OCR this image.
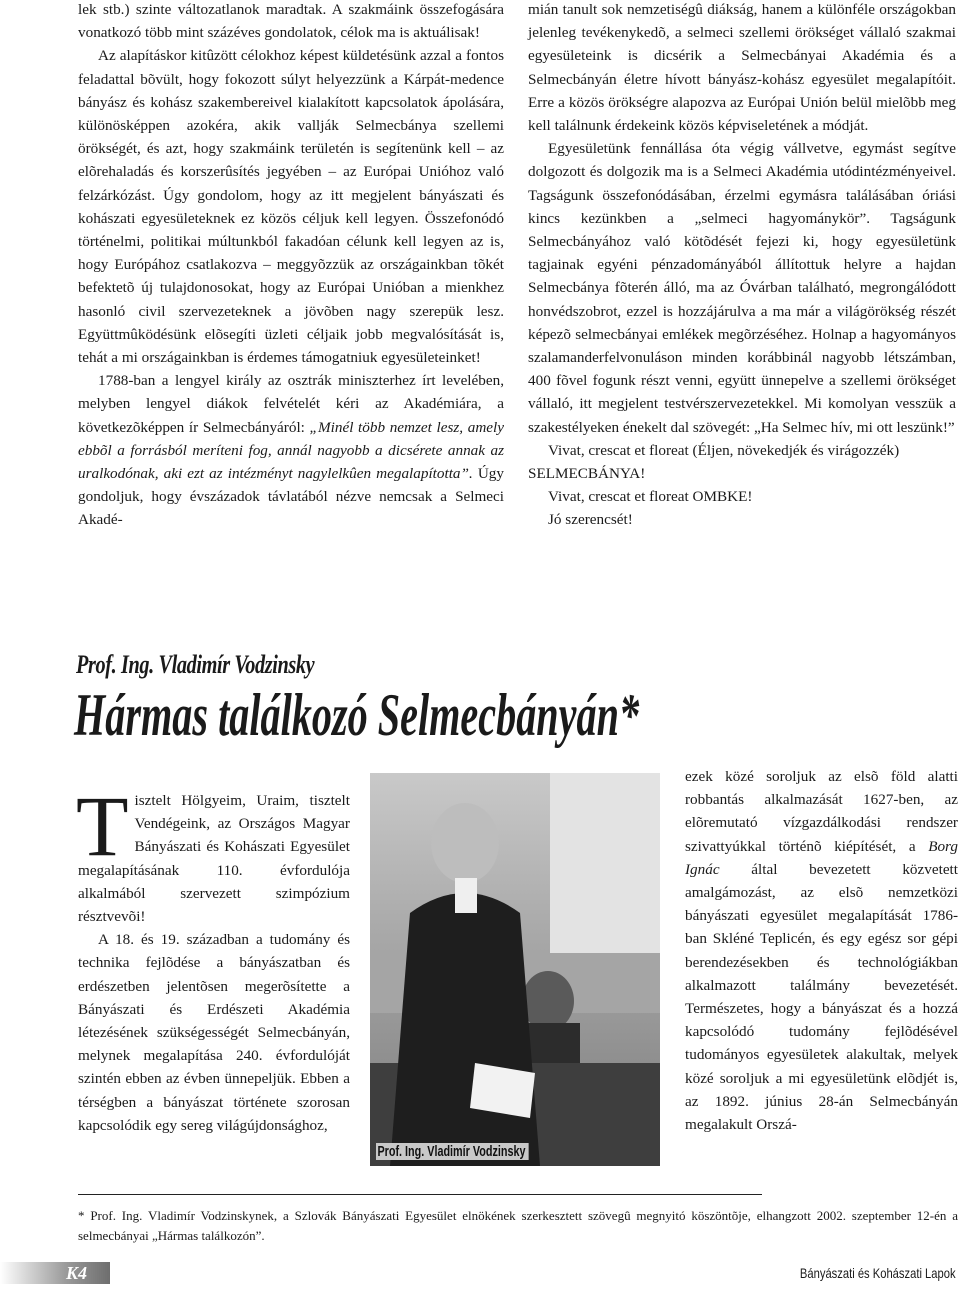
lek stb.) szinte változatlanok maradtak. A szakmáink összefogására vonatkozó több mint százéves gondolatok, célok ma is aktuálisak!

Az alapításkor kitûzött célokhoz képest küldetésünk azzal a fontos feladattal bõvült, hogy fokozott súlyt helyezzünk a Kárpát-medence bányász és kohász szakembereivel kialakított kapcsolatok ápolására, különösképpen azokéra, akik vallják Selmecbánya szellemi örökségét, és azt, hogy szakmáink területén is segítenünk kell – az elõrehaladás és korszerûsítés jegyében – az Európai Unióhoz való felzárkózást. Úgy gondolom, hogy az itt megjelent bányászati és kohászati egyesületeknek ez közös céljuk kell legyen. Összefonódó történelmi, politikai múltunkból fakadóan célunk kell legyen az is, hogy Európához csatlakozva – meggyõzzük az országainkban tõkét befektetõ új tulajdonosokat, hogy az Európai Unióban a mienkhez hasonló civil szervezeteknek a jövõben nagy szerepük lesz. Együttmûködésünk elõsegíti üzleti céljaik jobb megvalósítását is, tehát a mi országainkban is érdemes támogatniuk egyesületeinket!

1788-ban a lengyel király az osztrák miniszterhez írt levelében, melyben lengyel diákok felvételét kéri az Akadémiára, a következõképpen ír Selmecbányáról: „Minél több nemzet lesz, amely ebbõl a forrásból meríteni fog, annál nagyobb a dicsérete annak az uralkodónak, aki ezt az intézményt nagylelkûen megalapította”. Úgy gondoljuk, hogy évszázadok távlatából nézve nemcsak a Selmeci Akadé-

mián tanult sok nemzetiségû diákság, hanem a különféle országokban jelenleg tevékenykedõ, a selmeci szellemi örökséget vállaló szakmai egyesületeink is dicsérik a Selmecbányai Akadémia és a Selmecbányán életre hívott bányász-kohász egyesület megalapítóit. Erre a közös örökségre alapozva az Európai Unión belül mielõbb meg kell találnunk érdekeink közös képviseletének a módját.

Egyesületünk fennállása óta végig vállvetve, egymást segítve dolgozott és dolgozik ma is a Selmeci Akadémia utódintézményeivel. Tagságunk összefonódásában, érzelmi egymásra találásában óriási kincs kezünkben a „selmeci hagyománykör”. Tagságunk Selmecbányához való kötõdését fejezi ki, hogy egyesületünk tagjainak egyéni pénzadományából állítottuk helyre a hajdan Selmecbánya fõterén álló, ma az Óvárban található, megrongálódott honvédszobrot, ezzel is hozzájárulva a ma már a világörökség részét képezõ selmecbányai emlékek megõrzéséhez. Holnap a hagyományos szalamanderfelvonuláson minden korábbinál nagyobb létszámban, 400 fõvel fogunk részt venni, együtt ünnepelve a szellemi örökséget vállaló, itt megjelent testvérszervezetekkel. Mi komolyan vesszük a szakestélyeken énekelt dal szövegét: „Ha Selmec hív, mi ott leszünk!”

Vivat, crescat et floreat (Éljen, növekedjék és virágozzék) SELMECBÁNYA!

Vivat, crescat et floreat OMBKE!

Jó szerencsét!

Prof. Ing. Vladimír Vodzinsky
Hármas találkozó Selmecbányán*

Tisztelt Hölgyeim, Uraim, tisztelt Vendégeink, az Országos Magyar Bányászati és Kohászati Egyesület megalapításának 110. évfordulója alkalmából szervezett szimpózium résztvevõi!

A 18. és 19. században a tudomány és technika fejlõdése a bányászatban és erdészetben jelentõsen megerõsítette a Bányászati és Erdészeti Akadémia létezésének szükségességét Selmecbányán, melynek megalapítása 240. évfordulóját szintén ebben az évben ünnepeljük. Ebben a térségben a bányászat története szorosan kapcsolódik egy sereg világújdonsághoz,

Prof. Ing. Vladimír Vodzinsky

ezek közé soroljuk az elsõ föld alatti robbantás alkalmazását 1627-ben, az elõremutató vízgazdálkodási rendszer szivattyúkkal történõ kiépítését, a Borg Ignác által bevezetett közvetett amalgámozást, az elsõ nemzetközi bányászati egyesület megalapítását 1786-ban Skléné Teplicén, és egy egész sor gépi berendezésekben és technológiákban alkalmazott találmány bevezetését. Természetes, hogy a bányászat és a hozzá kapcsolódó tudomány fejlõdésével tudományos egyesületek alakultak, melyek közé soroljuk a mi egyesületünk elõdjét is, az 1892. június 28-án Selmecbányán megalakult Orszá-

* Prof. Ing. Vladimír Vodzinskynek, a Szlovák Bányászati Egyesület elnökének szerkesztett szövegû megnyitó köszöntõje, elhangzott 2002. szeptember 12-én a selmecbányai „Hármas találkozón”.
K4	Bányászati és Kohászati Lapok
